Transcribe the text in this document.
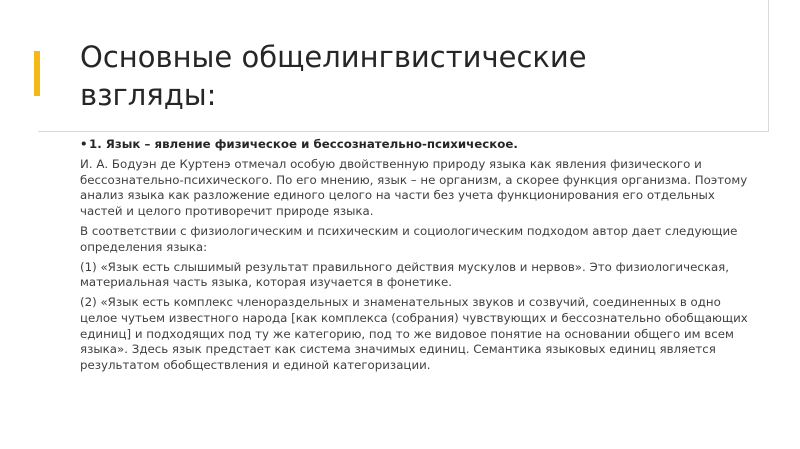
Основные общелингвистические
взгляды:

•1. Язык – явление физическое и бессознательно-психическое.

И. А. Бодуэн де Куртенэ отмечал особую двойственную природу языка как явления физического и бессознательно-психического. По его мнению, язык – не организм, а скорее функция организма. Поэтому анализ языка как разложение единого целого на части без учета функционирования его отдельных частей и целого противоречит природе языка.

В соответствии с физиологическим и психическим и социологическим подходом автор дает следующие определения языка:

(1) «Язык есть слышимый результат правильного действия мускулов и нервов». Это физиологическая, материальная часть языка, которая изучается в фонетике.

(2) «Язык есть комплекс членораздельных и знаменательных звуков и созвучий, соединенных в одно целое чутьем известного народа [как комплекса (собрания) чувствующих и бессознательно обобщающих единиц] и подходящих под ту же категорию, под то же видовое понятие на основании общего им всем языка». Здесь язык предстает как система значимых единиц. Семантика языковых единиц является результатом обобществления и единой категоризации.
